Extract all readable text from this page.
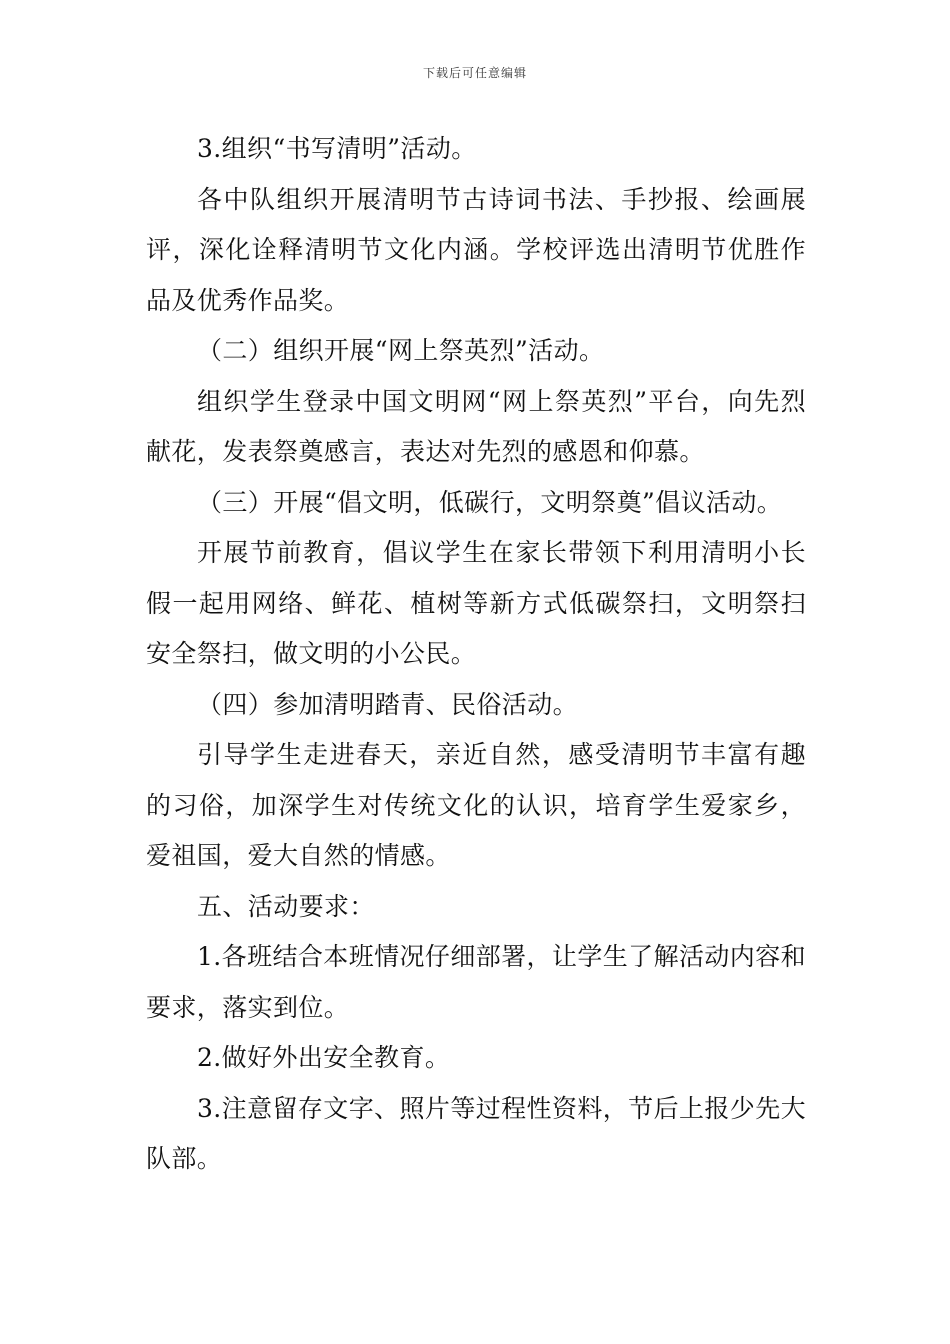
下载后可任意编辑

3.组织“书写清明”活动。

各中队组织开展清明节古诗词书法、手抄报、绘画展评，深化诠释清明节文化内涵。学校评选出清明节优胜作品及优秀作品奖。

（二）组织开展“网上祭英烈”活动。

组织学生登录中国文明网“网上祭英烈”平台，向先烈献花，发表祭奠感言，表达对先烈的感恩和仰慕。

（三）开展“倡文明，低碳行，文明祭奠”倡议活动。

开展节前教育，倡议学生在家长带领下利用清明小长假一起用网络、鲜花、植树等新方式低碳祭扫，文明祭扫安全祭扫，做文明的小公民。

（四）参加清明踏青、民俗活动。

引导学生走进春天，亲近自然，感受清明节丰富有趣的习俗，加深学生对传统文化的认识，培育学生爱家乡，爱祖国，爱大自然的情感。

五、活动要求：

1.各班结合本班情况仔细部署，让学生了解活动内容和要求，落实到位。

2.做好外出安全教育。

3.注意留存文字、照片等过程性资料，节后上报少先大队部。
